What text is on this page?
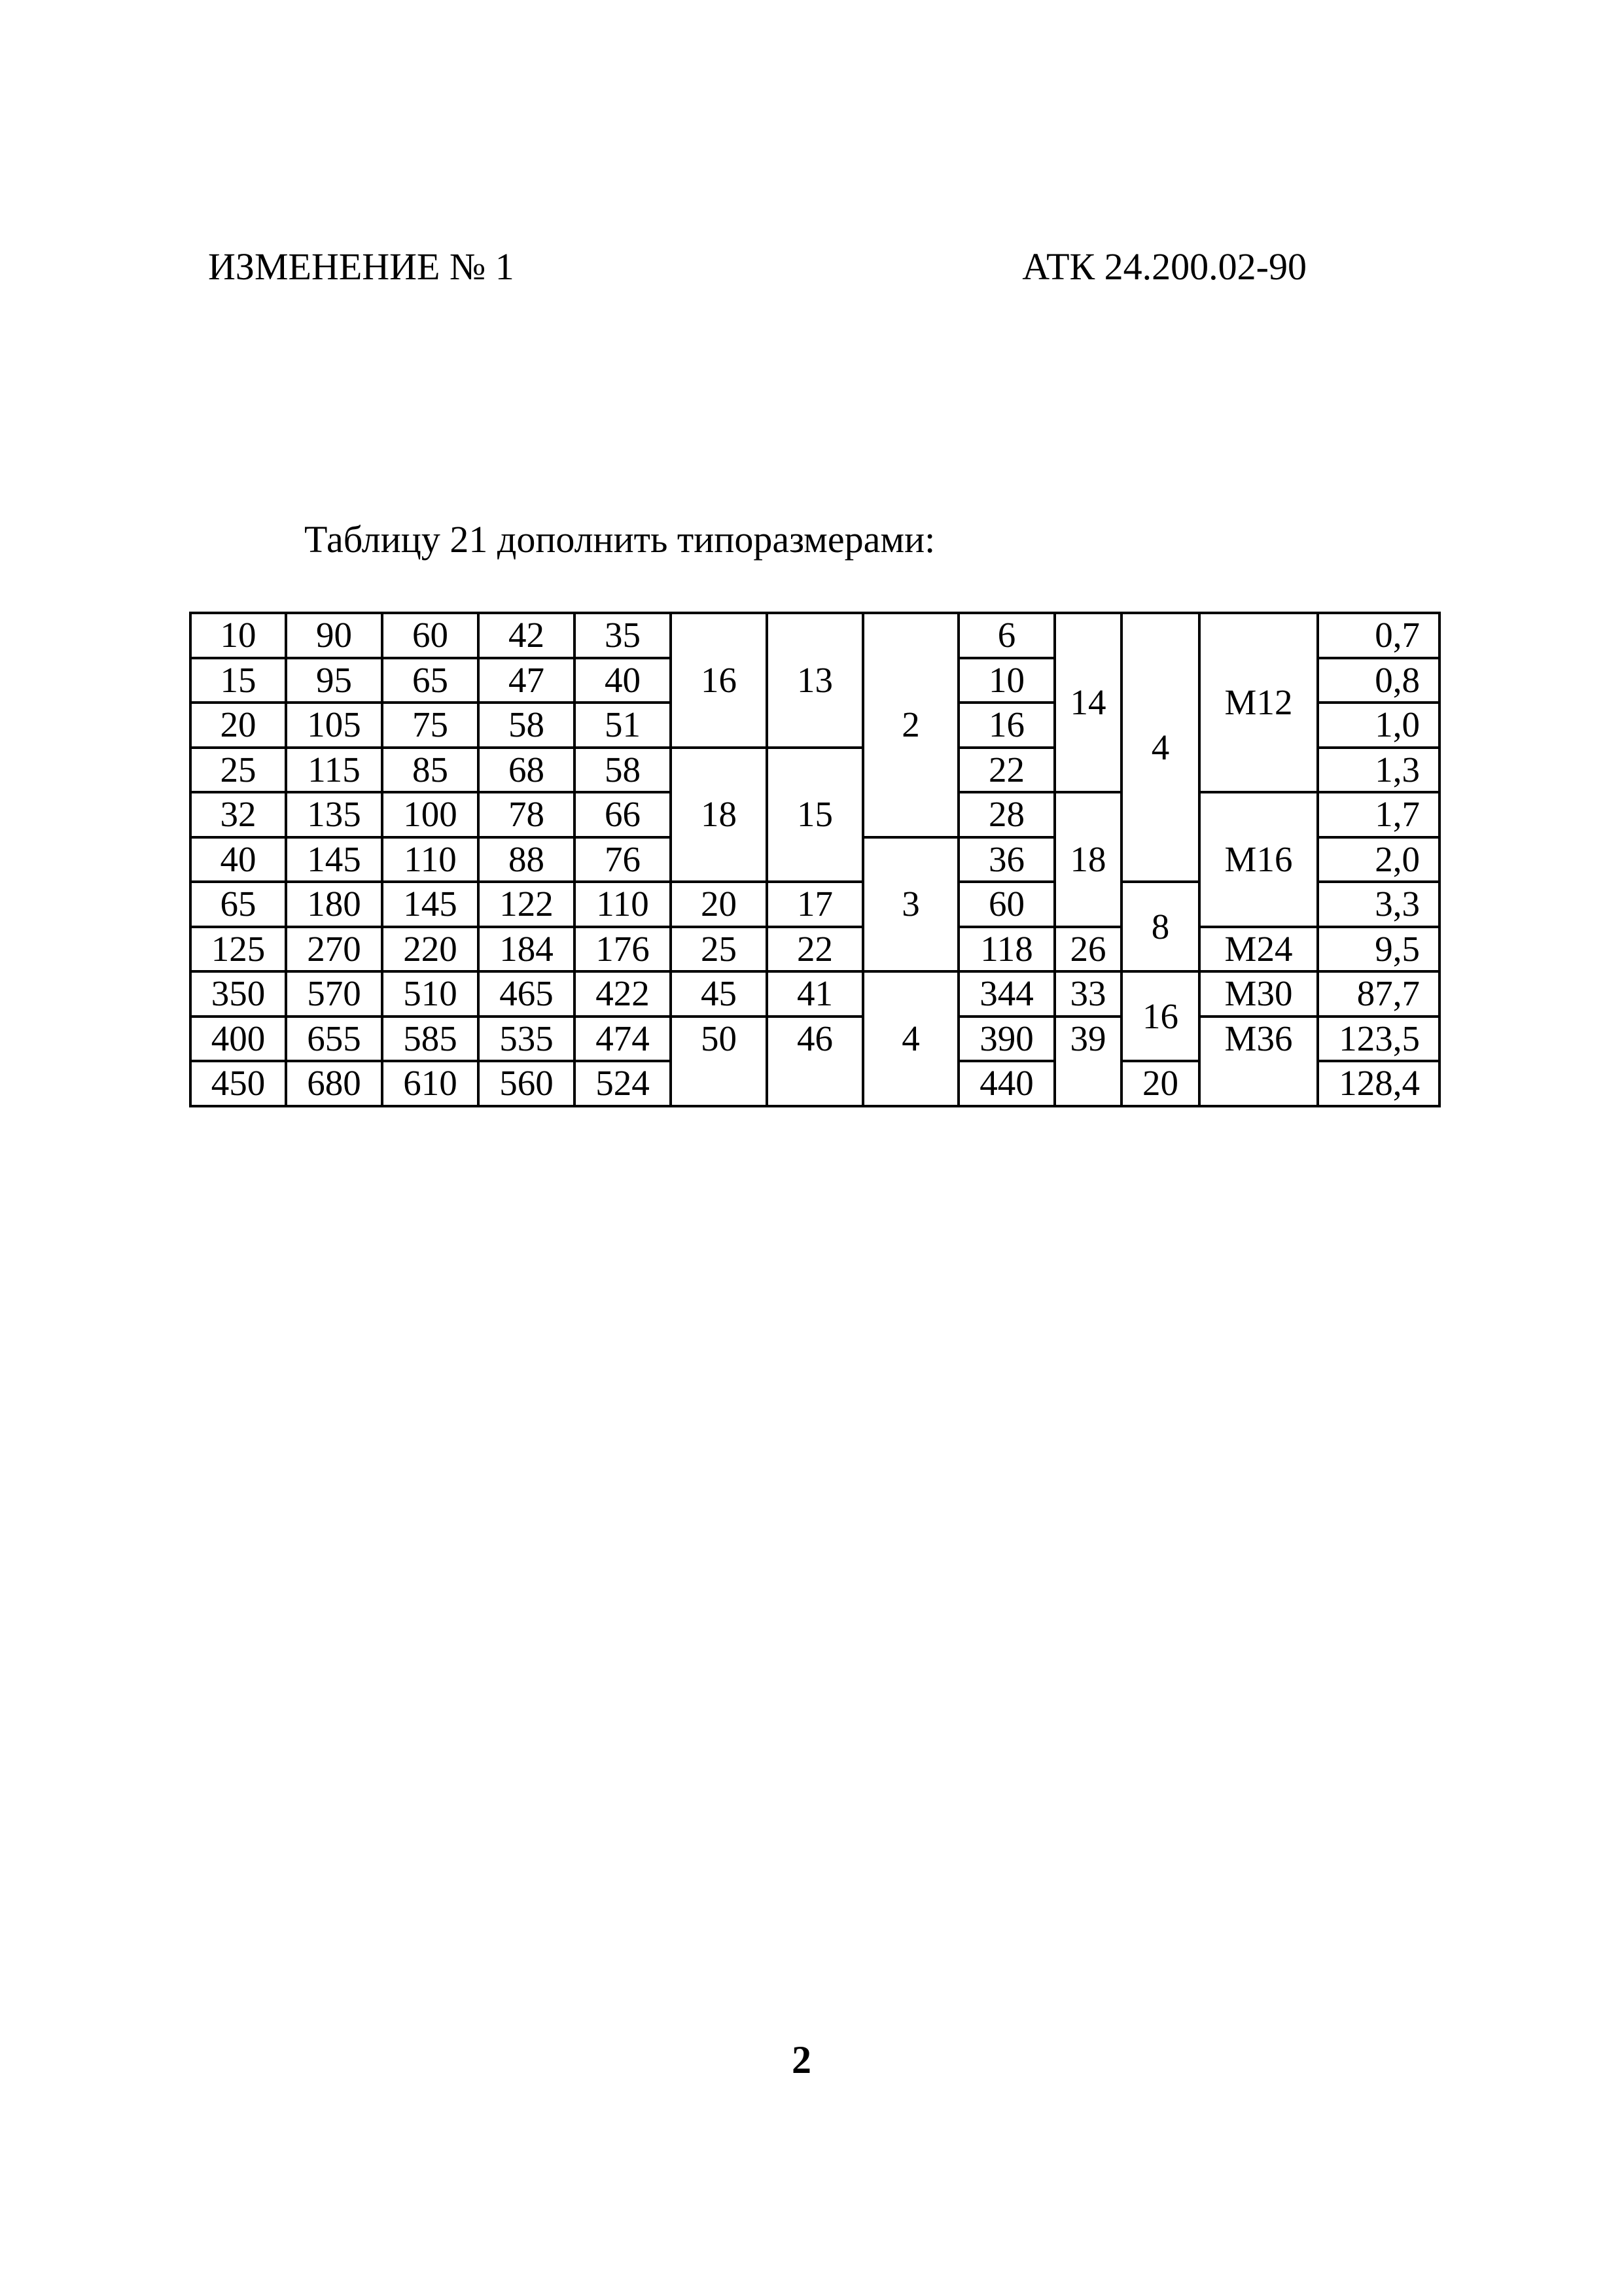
ИЗМЕНЕНИЕ № 1	АТК 24.200.02-90
Таблицу 21 дополнить типоразмерами:
10	90	60	42	35	16	13	2	6	14	4	M12	0,7
15	95	65	47	40				10				0,8
20	105	75	58	51				16				1,0
25	115	85	68	58	18	15		22				1,3
32	135	100	78	66				28	18		M16	1,7
40	145	110	88	76			3	36				2,0
65	180	145	122	110	20	17		60		8		3,3
125	270	220	184	176	25	22		118	26		M24	9,5
350	570	510	465	422	45	41	4	344	33	16	M30	87,7
400	655	585	535	474	50	46		390	39		M36	123,5
450	680	610	560	524				440		20		128,4
2
